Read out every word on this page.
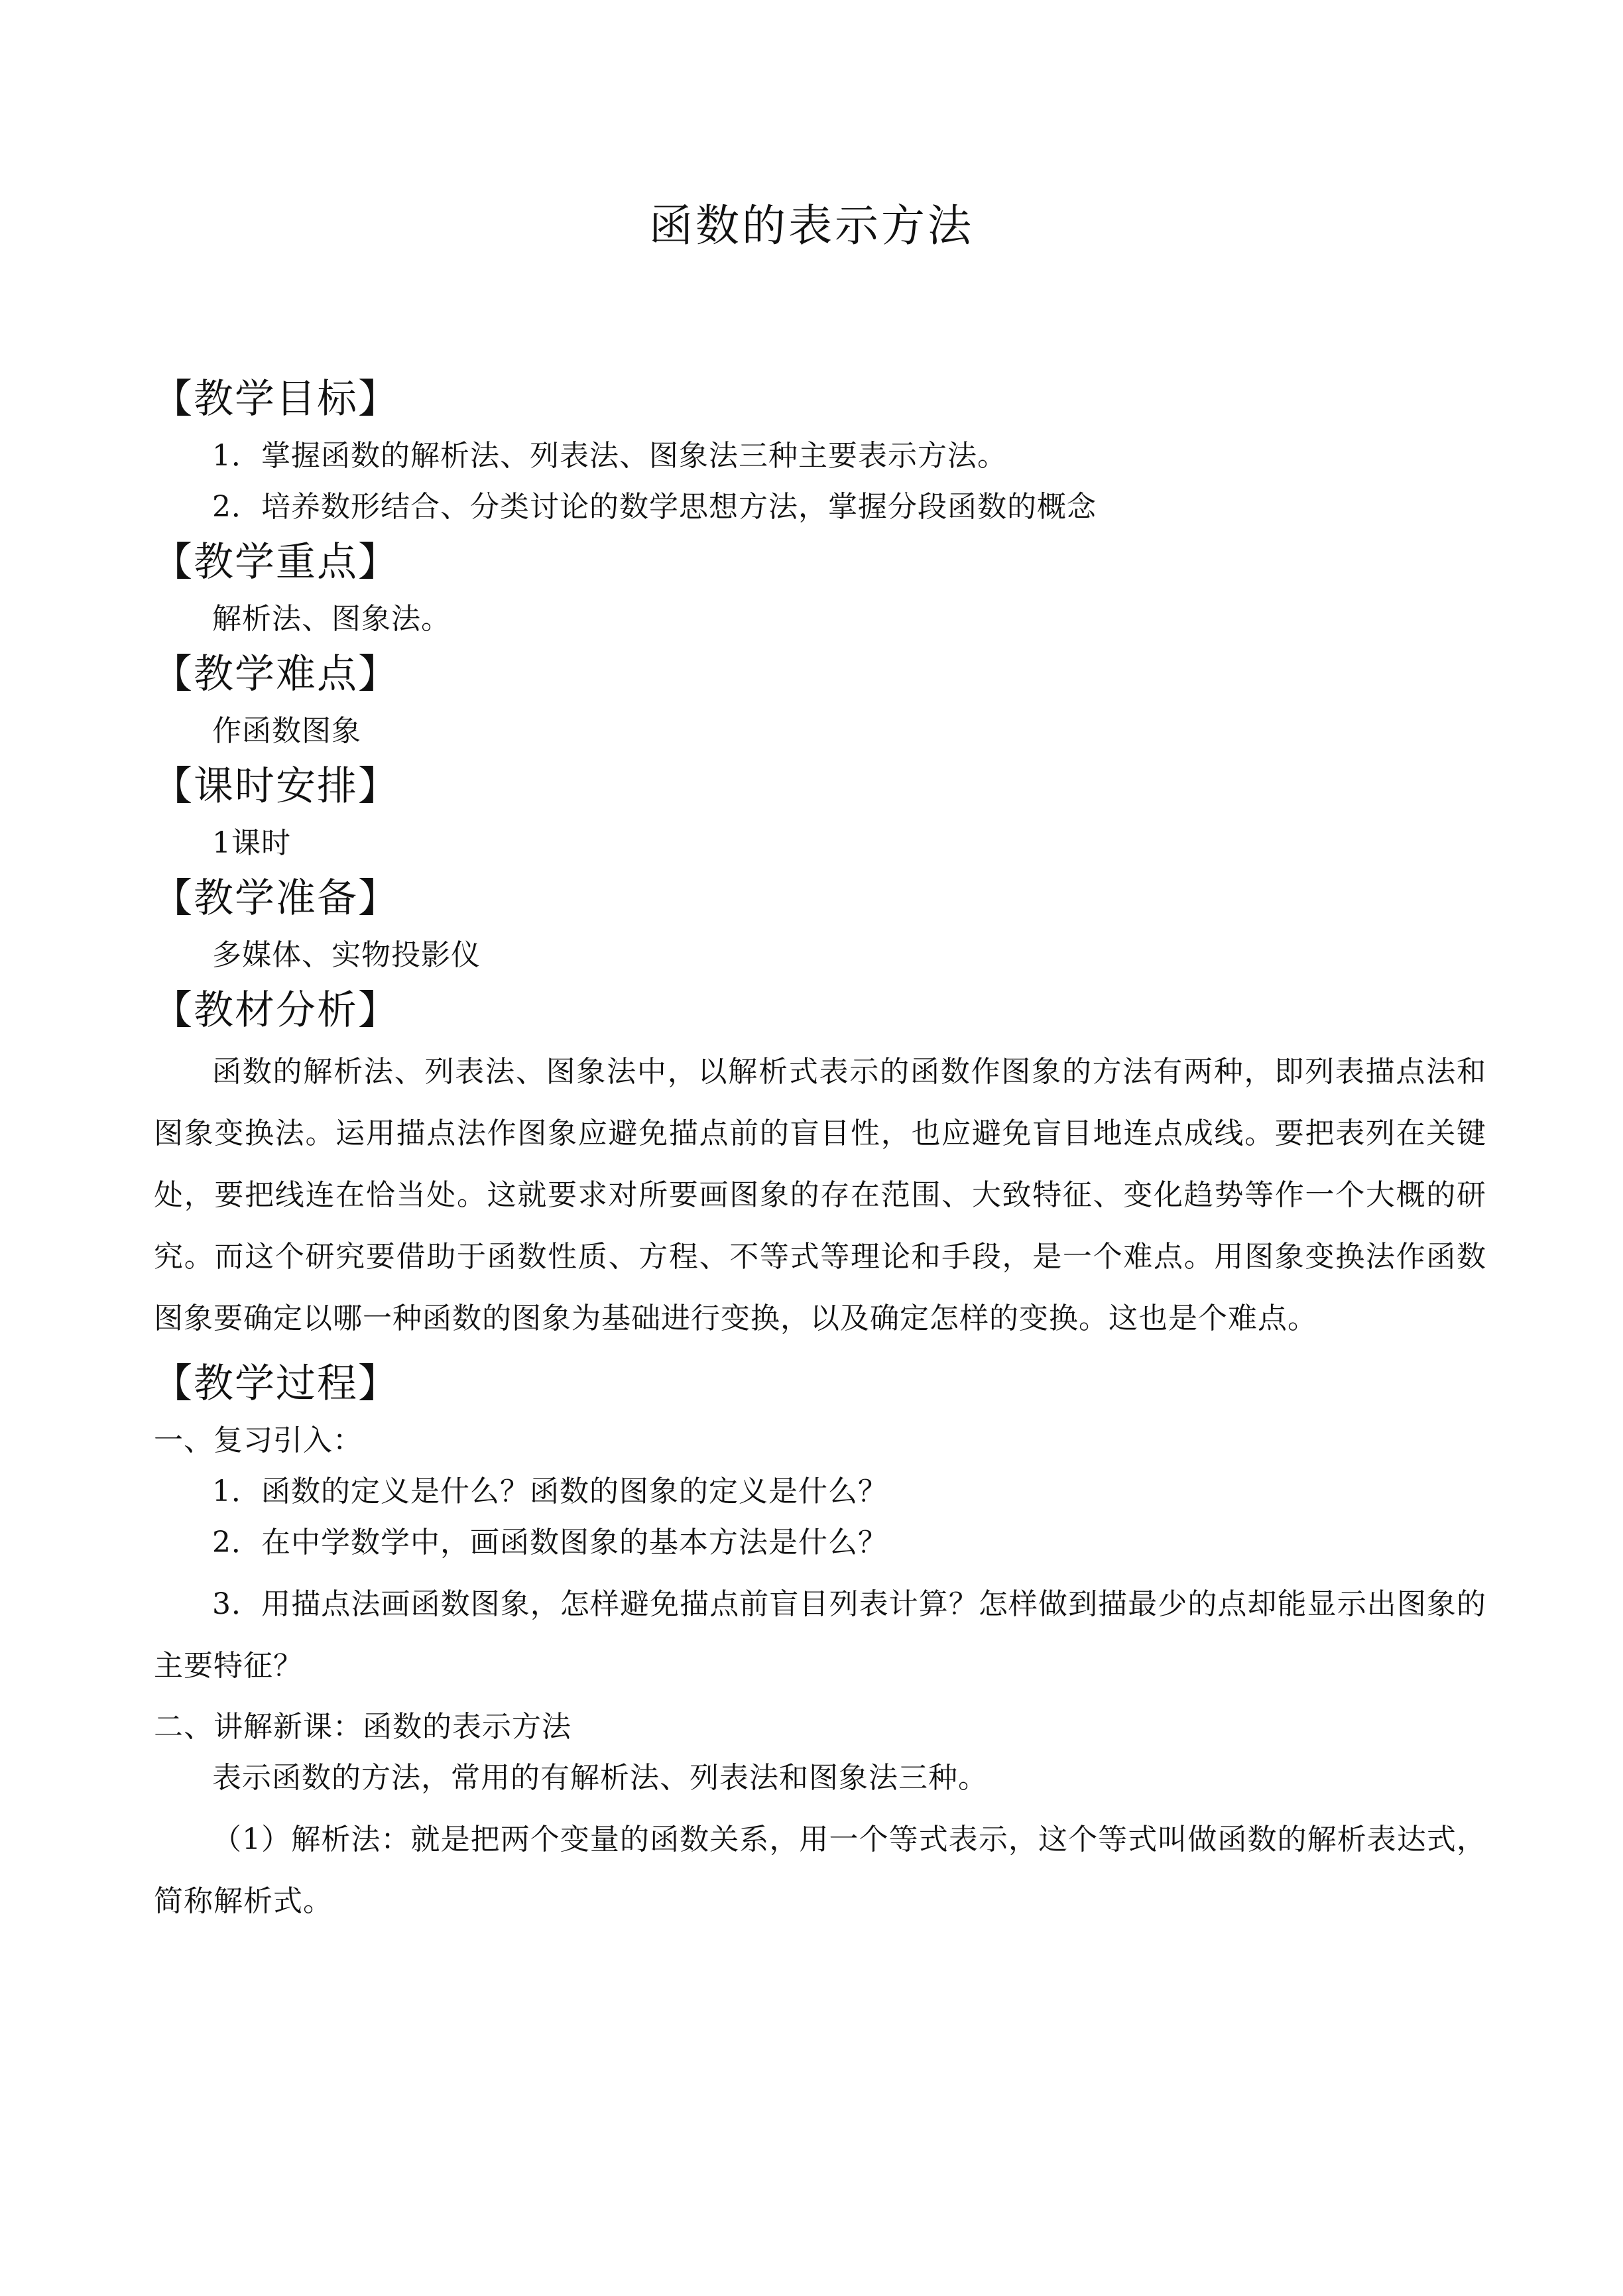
函数的表示方法
【教学目标】
1．掌握函数的解析法、列表法、图象法三种主要表示方法。
2．培养数形结合、分类讨论的数学思想方法，掌握分段函数的概念
【教学重点】
解析法、图象法。
【教学难点】
作函数图象
【课时安排】
1课时
【教学准备】
多媒体、实物投影仪
【教材分析】
函数的解析法、列表法、图象法中，以解析式表示的函数作图象的方法有两种，即列表描点法和图象变换法。运用描点法作图象应避免描点前的盲目性，也应避免盲目地连点成线。要把表列在关键处，要把线连在恰当处。这就要求对所要画图象的存在范围、大致特征、变化趋势等作一个大概的研究。而这个研究要借助于函数性质、方程、不等式等理论和手段，是一个难点。用图象变换法作函数图象要确定以哪一种函数的图象为基础进行变换，以及确定怎样的变换。这也是个难点。
【教学过程】
一、复习引入：
1．函数的定义是什么？函数的图象的定义是什么？
2．在中学数学中，画函数图象的基本方法是什么？
3．用描点法画函数图象，怎样避免描点前盲目列表计算？怎样做到描最少的点却能显示出图象的主要特征？
二、讲解新课：函数的表示方法
表示函数的方法，常用的有解析法、列表法和图象法三种。
（1）解析法：就是把两个变量的函数关系，用一个等式表示，这个等式叫做函数的解析表达式，简称解析式。
